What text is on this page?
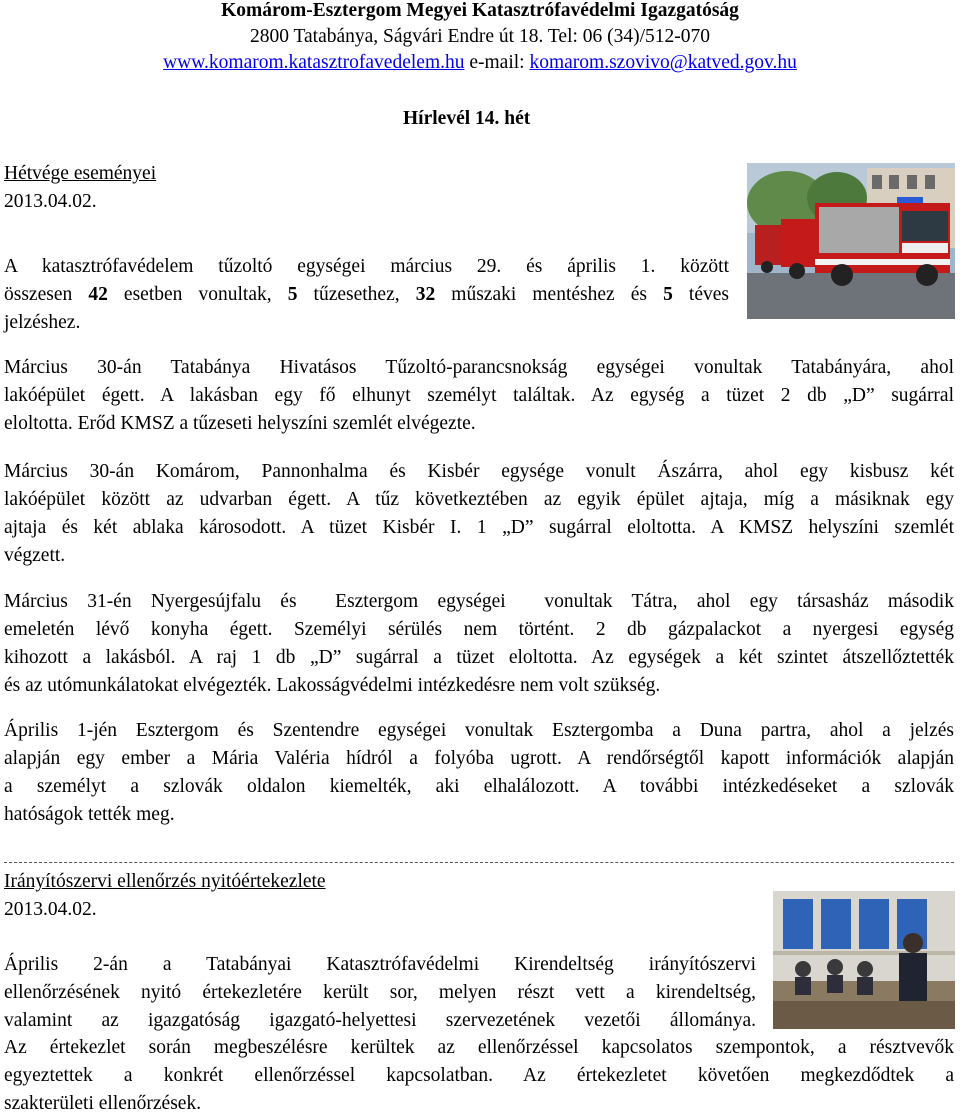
Komárom-Esztergom Megyei Katasztrófavédelmi Igazgatóság
2800 Tatabánya, Ságvári Endre út 18. Tel: 06 (34)/512-070
www.komarom.katasztrofavedelem.hu e-mail: komarom.szovivo@katved.gov.hu
Hírlevél 14. hét
Hétvége eseményei
2013.04.02.
A katasztrófavédelem tűzoltó egységei március 29. és április 1. között
összesen 42 esetben vonultak, 5 tűzesethez, 32 műszaki mentéshez és 5 téves
jelzéshez.
Március 30-án Tatabánya Hivatásos Tűzoltó-parancsnokság egységei vonultak Tatabányára, ahol
lakóépület égett. A lakásban egy fő elhunyt személyt találtak. Az egység a tüzet 2 db „D” sugárral
eloltotta. Erőd KMSZ a tűzeseti helyszíni szemlét elvégezte.
Március 30-án Komárom, Pannonhalma és Kisbér egysége vonult Ászárra, ahol egy kisbusz két
lakóépület között az udvarban égett. A tűz következtében az egyik épület ajtaja, míg a másiknak egy
ajtaja és két ablaka károsodott. A tüzet Kisbér I. 1 „D” sugárral eloltotta. A KMSZ helyszíni szemlét
végzett.
Március 31-én Nyergesújfalu és  Esztergom egységei  vonultak Tátra, ahol egy társasház második
emeletén lévő konyha égett. Személyi sérülés nem történt. 2 db gázpalackot a nyergesi egység
kihozott a lakásból. A raj 1 db „D” sugárral a tüzet eloltotta. Az egységek a két szintet átszellőztették
és az utómunkálatokat elvégezték. Lakosságvédelmi intézkedésre nem volt szükség.
Április 1-jén Esztergom és Szentendre egységei vonultak Esztergomba a Duna partra, ahol a jelzés
alapján egy ember a Mária Valéria hídról a folyóba ugrott. A rendőrségtől kapott információk alapján
a személyt a szlovák oldalon kiemelték, aki elhalálozott. A további intézkedéseket a szlovák
hatóságok tették meg.
Irányítószervi ellenőrzés nyitóértekezlete
2013.04.02.
Április 2-án a Tatabányai Katasztrófavédelmi Kirendeltség irányítószervi
ellenőrzésének nyitó értekezletére került sor, melyen részt vett a kirendeltség,
valamint az igazgatóság igazgató-helyettesi szervezetének vezetői állománya.
Az értekezlet során megbeszélésre kerültek az ellenőrzéssel kapcsolatos szempontok, a résztvevők
egyeztettek a konkrét ellenőrzéssel kapcsolatban. Az értekezletet követően megkezdődtek a
szakterületi ellenőrzések.
